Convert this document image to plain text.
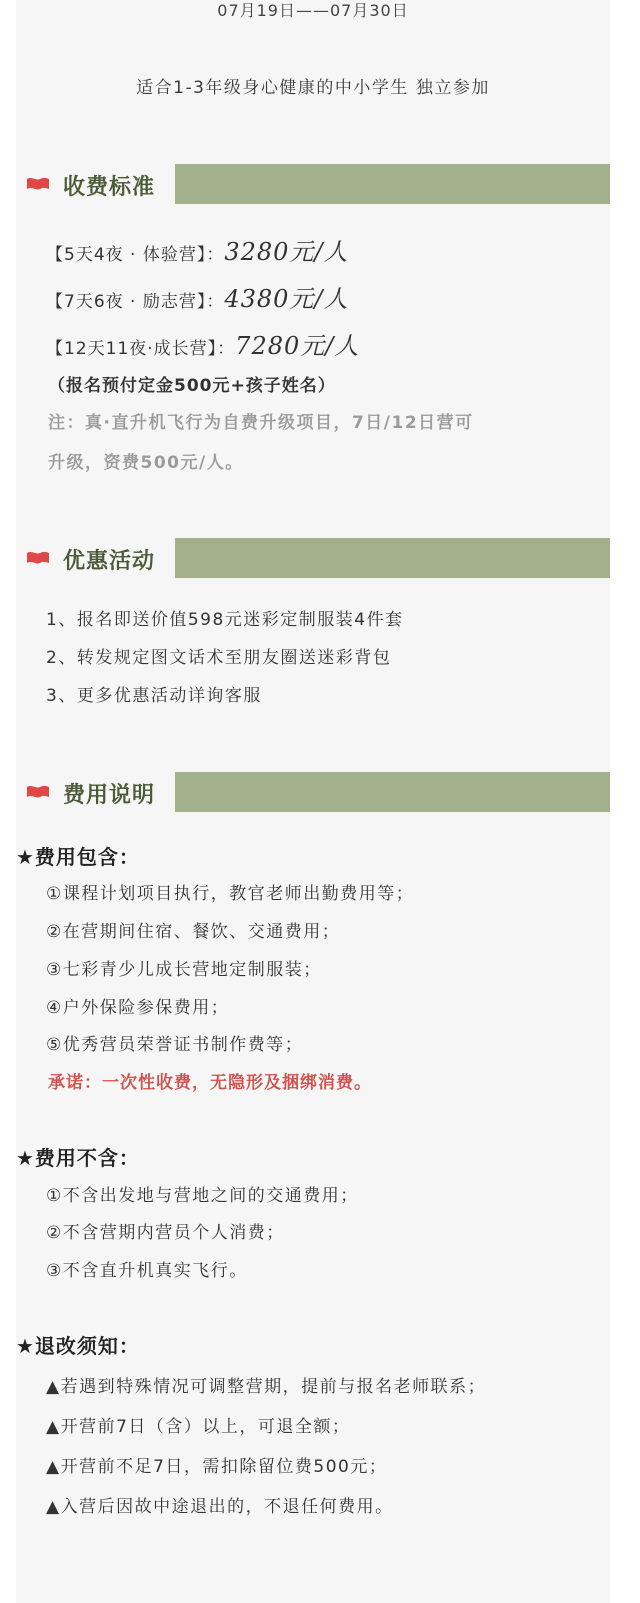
07月19日——07月30日
适合1-3年级身心健康的中小学生 独立参加
收费标准
【5天4夜 · 体验营】：3280元/人
【7天6夜 · 励志营】：4380元/人
【12天11夜·成长营】：7280元/人
（报名预付定金500元+孩子姓名）
注：真·直升机飞行为自费升级项目，7日/12日营可
升级，资费500元/人。
优惠活动
1、报名即送价值598元迷彩定制服装4件套
2、转发规定图文话术至朋友圈送迷彩背包
3、更多优惠活动详询客服
费用说明
★费用包含：
①课程计划项目执行，教官老师出勤费用等；
②在营期间住宿、餐饮、交通费用；
③七彩青少儿成长营地定制服装；
④户外保险参保费用；
⑤优秀营员荣誉证书制作费等；
承诺：一次性收费，无隐形及捆绑消费。
★费用不含：
①不含出发地与营地之间的交通费用；
②不含营期内营员个人消费；
③不含直升机真实飞行。
★退改须知：
▲若遇到特殊情况可调整营期，提前与报名老师联系；
▲开营前7日（含）以上，可退全额；
▲开营前不足7日，需扣除留位费500元；
▲入营后因故中途退出的，不退任何费用。
